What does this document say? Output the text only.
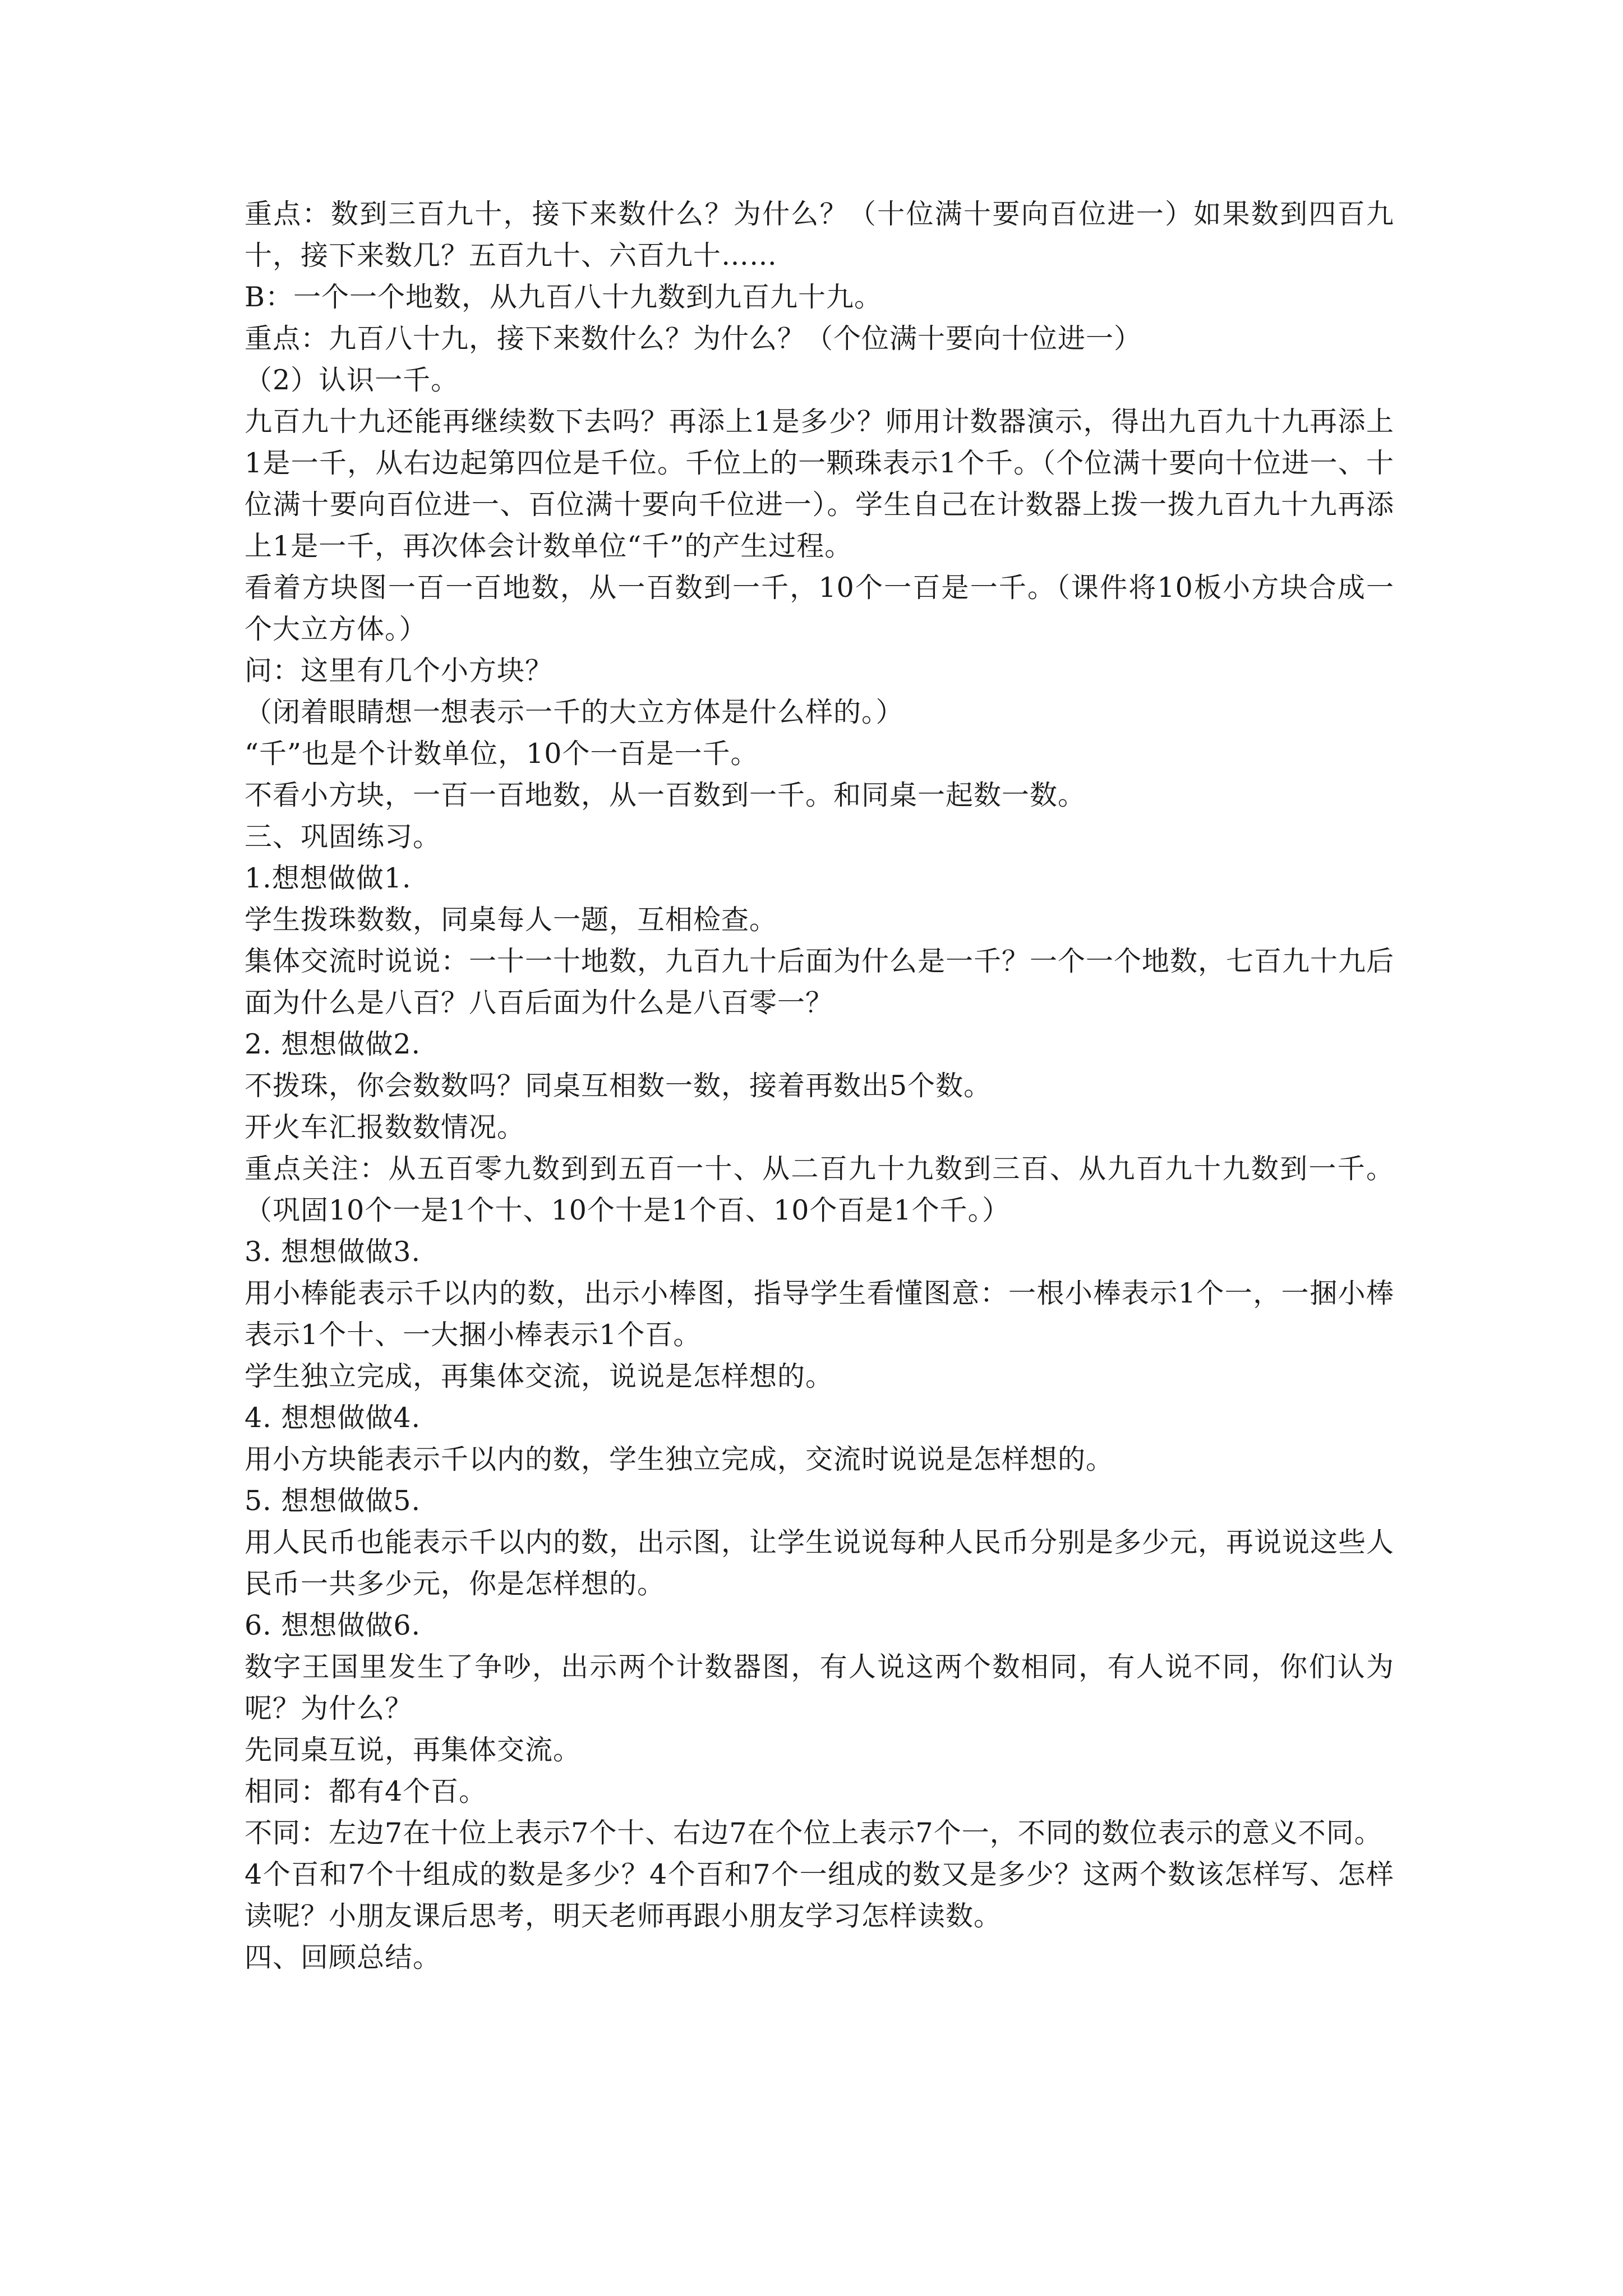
重点：数到三百九十，接下来数什么？为什么？（十位满十要向百位进一）如果数到四百九十，接下来数几？五百九十、六百九十……

B：一个一个地数，从九百八十九数到九百九十九。

重点：九百八十九，接下来数什么？为什么？（个位满十要向十位进一）

（2）认识一千。

九百九十九还能再继续数下去吗？再添上1是多少？师用计数器演示，得出九百九十九再添上1是一千，从右边起第四位是千位。千位上的一颗珠表示1个千。（个位满十要向十位进一、十位满十要向百位进一、百位满十要向千位进一）。学生自己在计数器上拨一拨九百九十九再添上1是一千，再次体会计数单位“千”的产生过程。

看着方块图一百一百地数，从一百数到一千，10个一百是一千。（课件将10板小方块合成一个大立方体。）

问：这里有几个小方块？

（闭着眼睛想一想表示一千的大立方体是什么样的。）

“千”也是个计数单位，10个一百是一千。

不看小方块，一百一百地数，从一百数到一千。和同桌一起数一数。

三、巩固练习。

1.想想做做1.

学生拨珠数数，同桌每人一题，互相检查。

集体交流时说说：一十一十地数，九百九十后面为什么是一千？一个一个地数，七百九十九后面为什么是八百？八百后面为什么是八百零一？

2. 想想做做2.

不拨珠，你会数数吗？同桌互相数一数，接着再数出5个数。

开火车汇报数数情况。

重点关注：从五百零九数到到五百一十、从二百九十九数到三百、从九百九十九数到一千。（巩固10个一是1个十、10个十是1个百、10个百是1个千。）

3. 想想做做3.

用小棒能表示千以内的数，出示小棒图，指导学生看懂图意：一根小棒表示1个一，一捆小棒表示1个十、一大捆小棒表示1个百。

学生独立完成，再集体交流，说说是怎样想的。

4. 想想做做4.

用小方块能表示千以内的数，学生独立完成，交流时说说是怎样想的。

5. 想想做做5.

用人民币也能表示千以内的数，出示图，让学生说说每种人民币分别是多少元，再说说这些人民币一共多少元，你是怎样想的。

6. 想想做做6.

数字王国里发生了争吵，出示两个计数器图，有人说这两个数相同，有人说不同，你们认为呢？为什么？

先同桌互说，再集体交流。

相同：都有4个百。

不同：左边7在十位上表示7个十、右边7在个位上表示7个一，不同的数位表示的意义不同。

4个百和7个十组成的数是多少？4个百和7个一组成的数又是多少？这两个数该怎样写、怎样读呢？小朋友课后思考，明天老师再跟小朋友学习怎样读数。

四、回顾总结。
